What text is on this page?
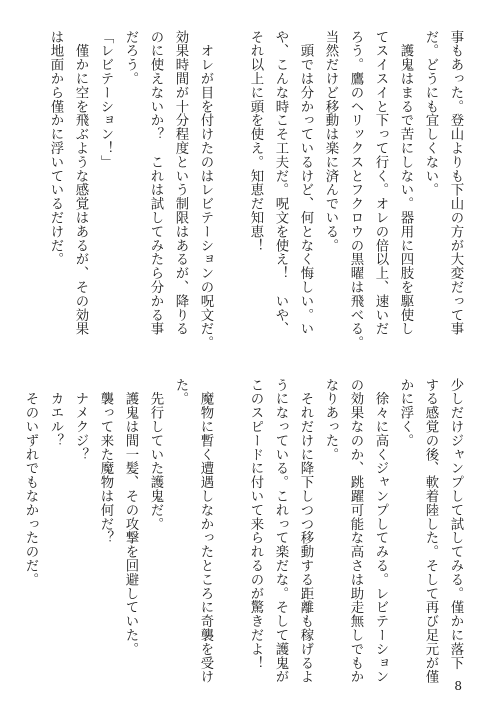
事もあった。登山よりも下山の方が大変だって事
だ。どうにも宜しくない。
　護鬼はまるで苦にしない。器用に四肢を駆使し
てスイスイと下って行く。オレの倍以上、速いだ
ろう。鷹のヘリックスとフクロウの黒曜は飛べる。
当然だけど移動は楽に済んでいる。
　頭では分かっているけど、何となく悔しい。い
や、こんな時こそ工夫だ。呪文を使え！　いや、
それ以上に頭を使え。知恵だ知恵！

　オレが目を付けたのはレビテーションの呪文だ。
効果時間が十分程度という制限はあるが、降りる
のに使えないか？　これは試してみたら分かる事
だろう。
「レビテーション！」
　僅かに空を飛ぶような感覚はあるが、その効果
は地面から僅かに浮いているだけだ。
少しだけジャンプして試してみる。僅かに落下
する感覚の後、軟着陸した。そして再び足元が僅
かに浮く。
　徐々に高くジャンプしてみる。レビテーション
の効果なのか、跳躍可能な高さは助走無しでもか
なりあった。
　それだけに降下しつつ移動する距離も稼げるよ
うになっている。これって楽だな。そして護鬼が
このスピードに付いて来られるのが驚きだよ！

　魔物に暫く遭遇しなかったところに奇襲を受け
た。
　先行していた護鬼だ。
　護鬼は間一髪、その攻撃を回避していた。
　襲って来た魔物は何だ？
　ナメクジ？
　カエル？
　そのいずれでもなかったのだ。
8
